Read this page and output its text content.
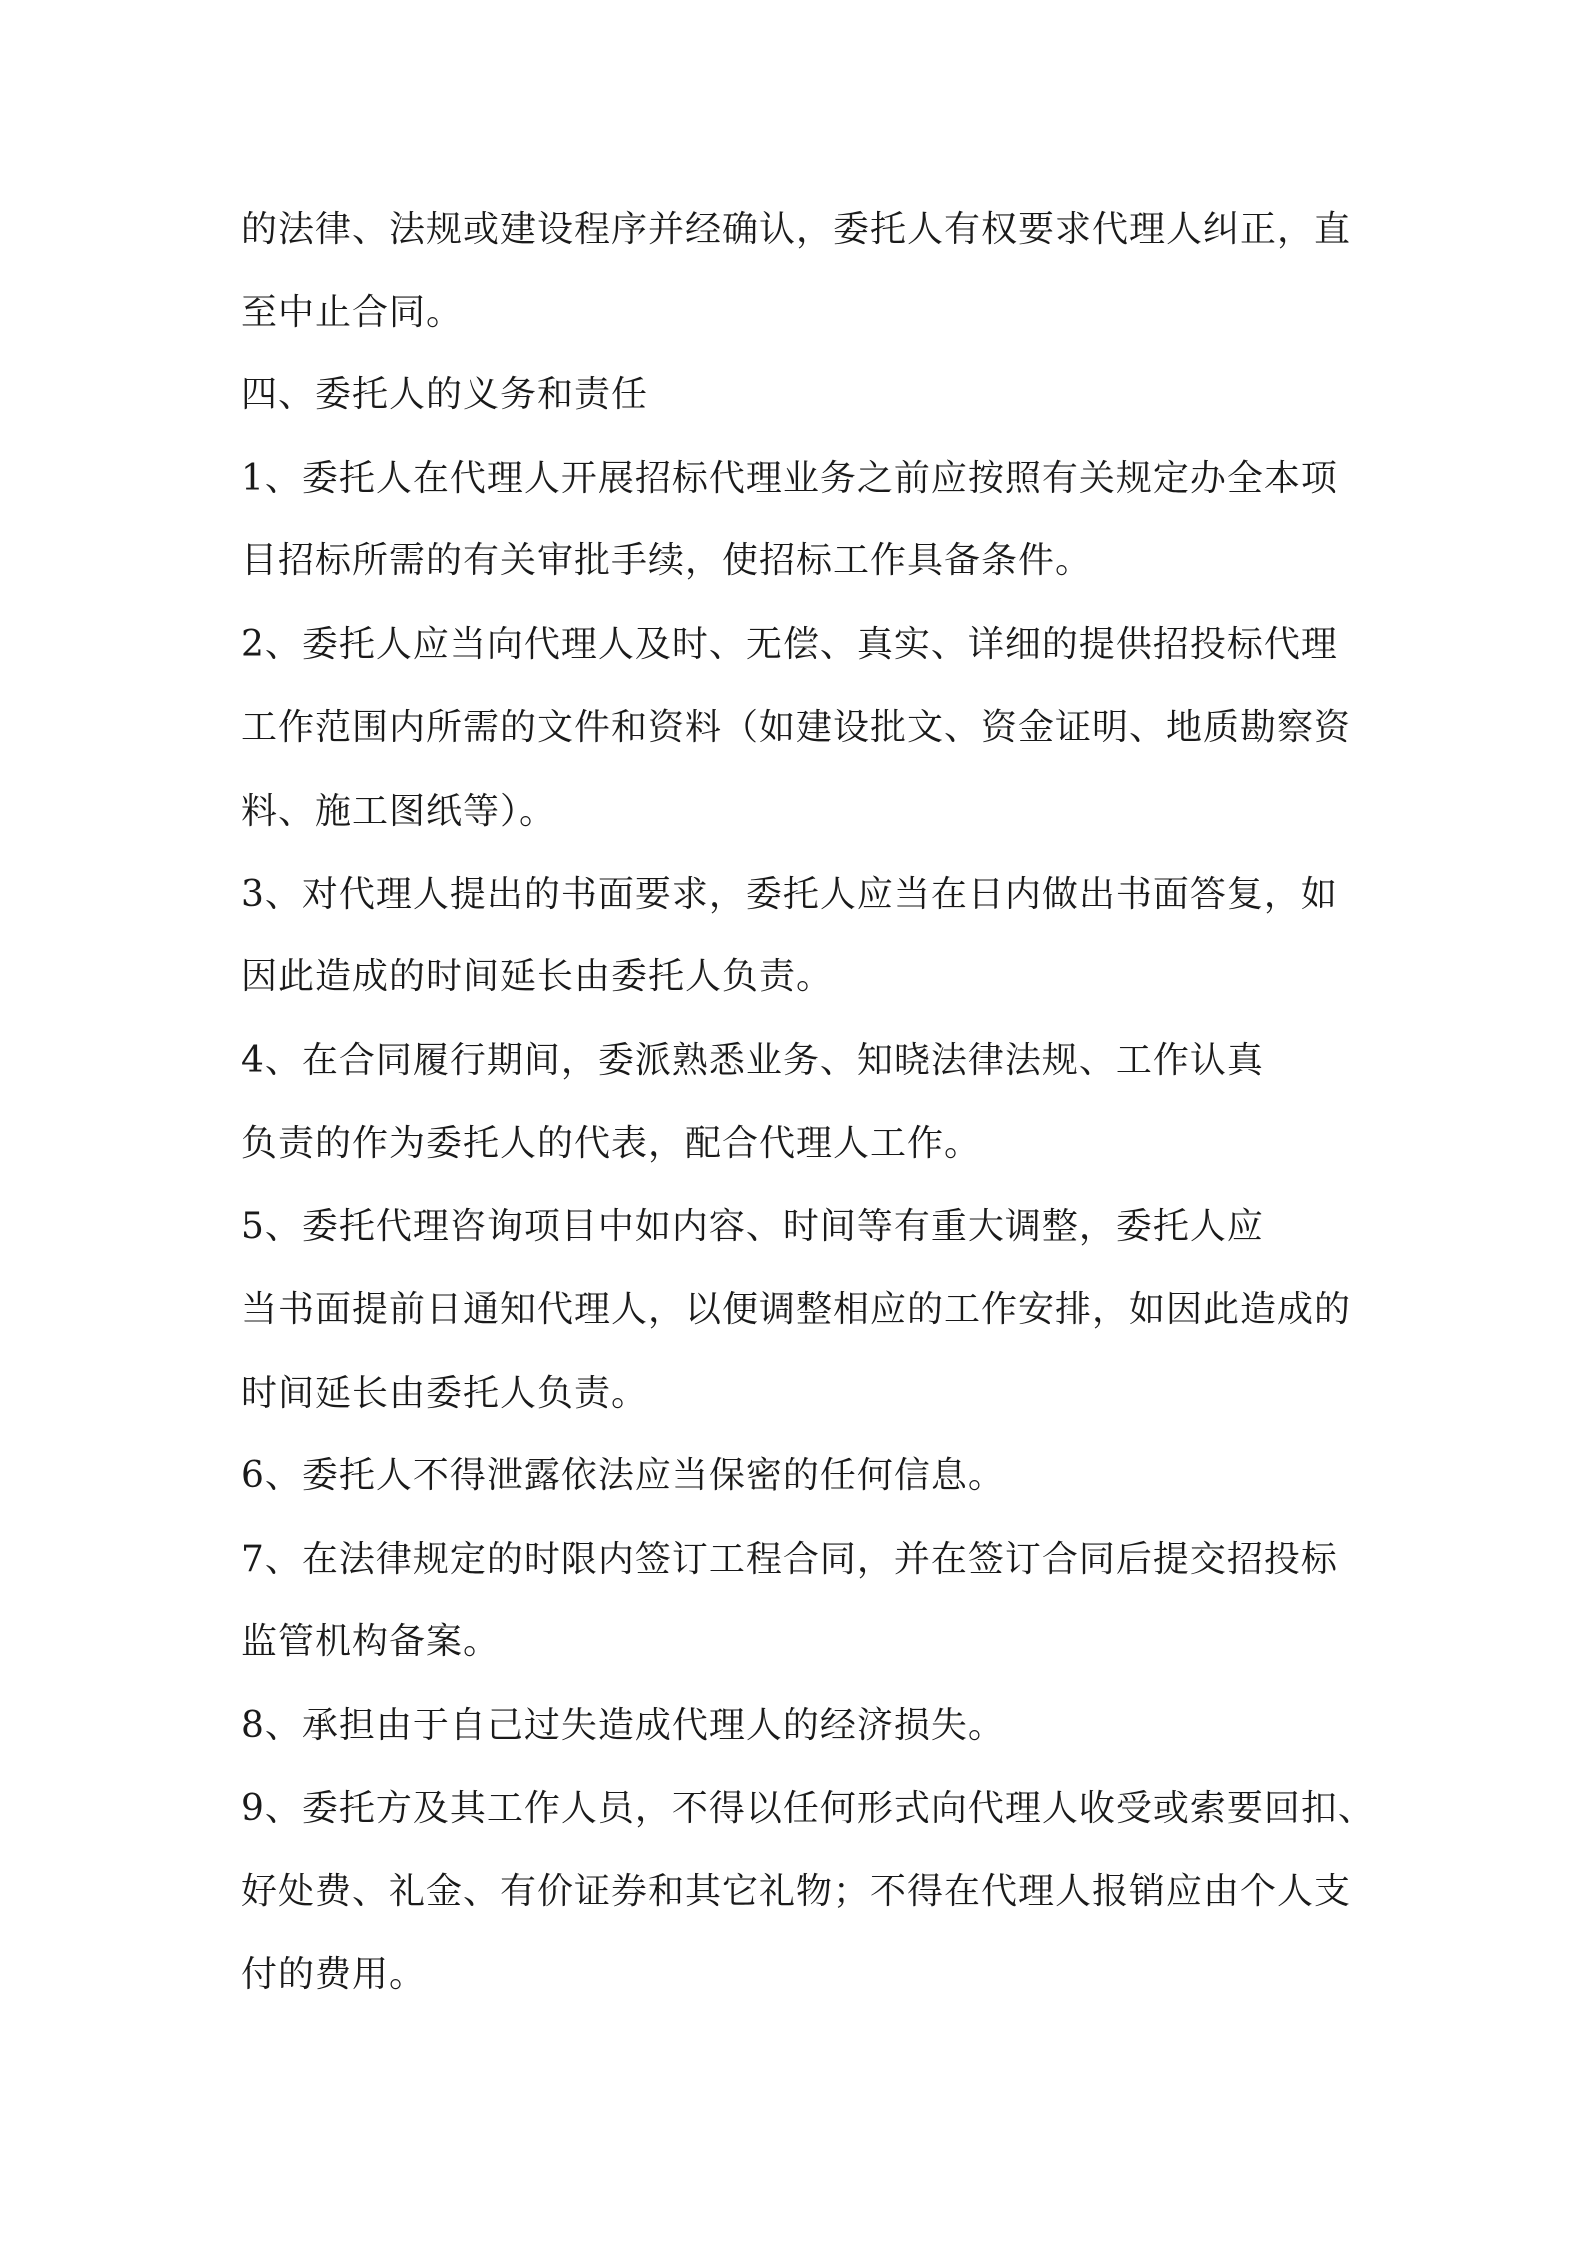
的法律、法规或建设程序并经确认，委托人有权要求代理人纠正，直

至中止合同。

四、委托人的义务和责任

1、委托人在代理人开展招标代理业务之前应按照有关规定办全本项

目招标所需的有关审批手续，使招标工作具备条件。

2、委托人应当向代理人及时、无偿、真实、详细的提供招投标代理

工作范围内所需的文件和资料（如建设批文、资金证明、地质勘察资

料、施工图纸等）。

3、对代理人提出的书面要求，委托人应当在日内做出书面答复，如

因此造成的时间延长由委托人负责。

4、在合同履行期间，委派熟悉业务、知晓法律法规、工作认真

负责的作为委托人的代表，配合代理人工作。

5、委托代理咨询项目中如内容、时间等有重大调整，委托人应

当书面提前日通知代理人，以便调整相应的工作安排，如因此造成的

时间延长由委托人负责。

6、委托人不得泄露依法应当保密的任何信息。

7、在法律规定的时限内签订工程合同，并在签订合同后提交招投标

监管机构备案。

8、承担由于自己过失造成代理人的经济损失。

9、委托方及其工作人员，不得以任何形式向代理人收受或索要回扣、

好处费、礼金、有价证券和其它礼物；不得在代理人报销应由个人支

付的费用。
